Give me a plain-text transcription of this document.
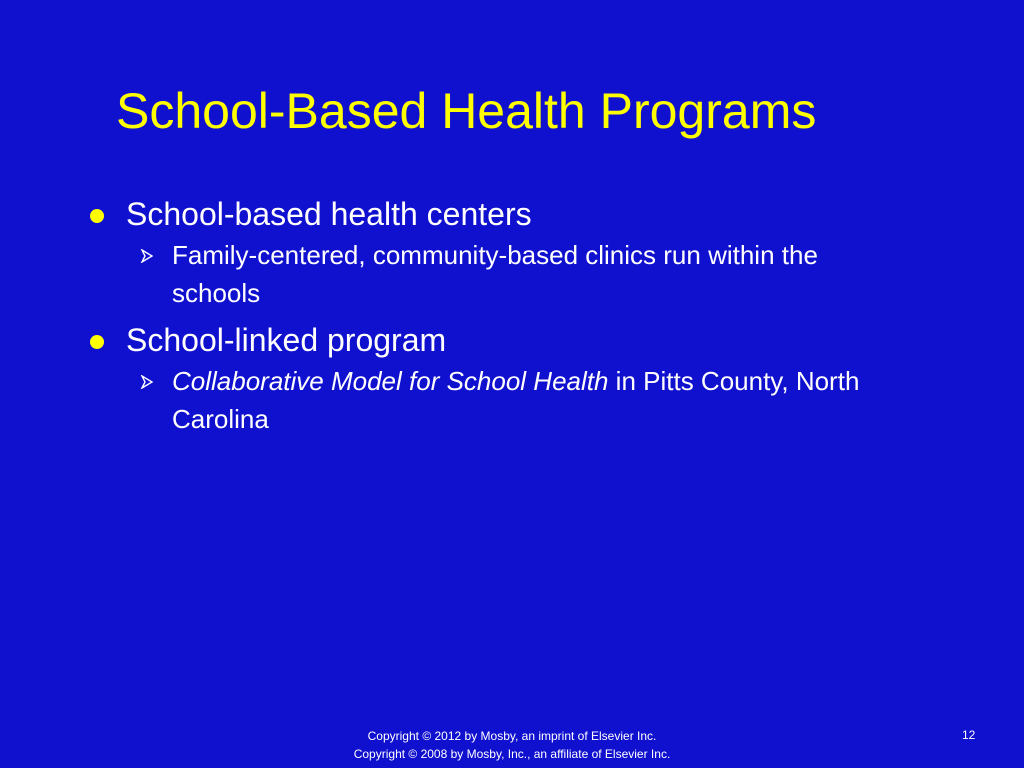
School-Based Health Programs

School-based health centers

Family-centered, community-based clinics run within the schools

School-linked program

Collaborative Model for School Health in Pitts County, North Carolina

Copyright © 2012 by Mosby, an imprint of Elsevier Inc.
Copyright © 2008 by Mosby, Inc., an affiliate of Elsevier Inc.
12
